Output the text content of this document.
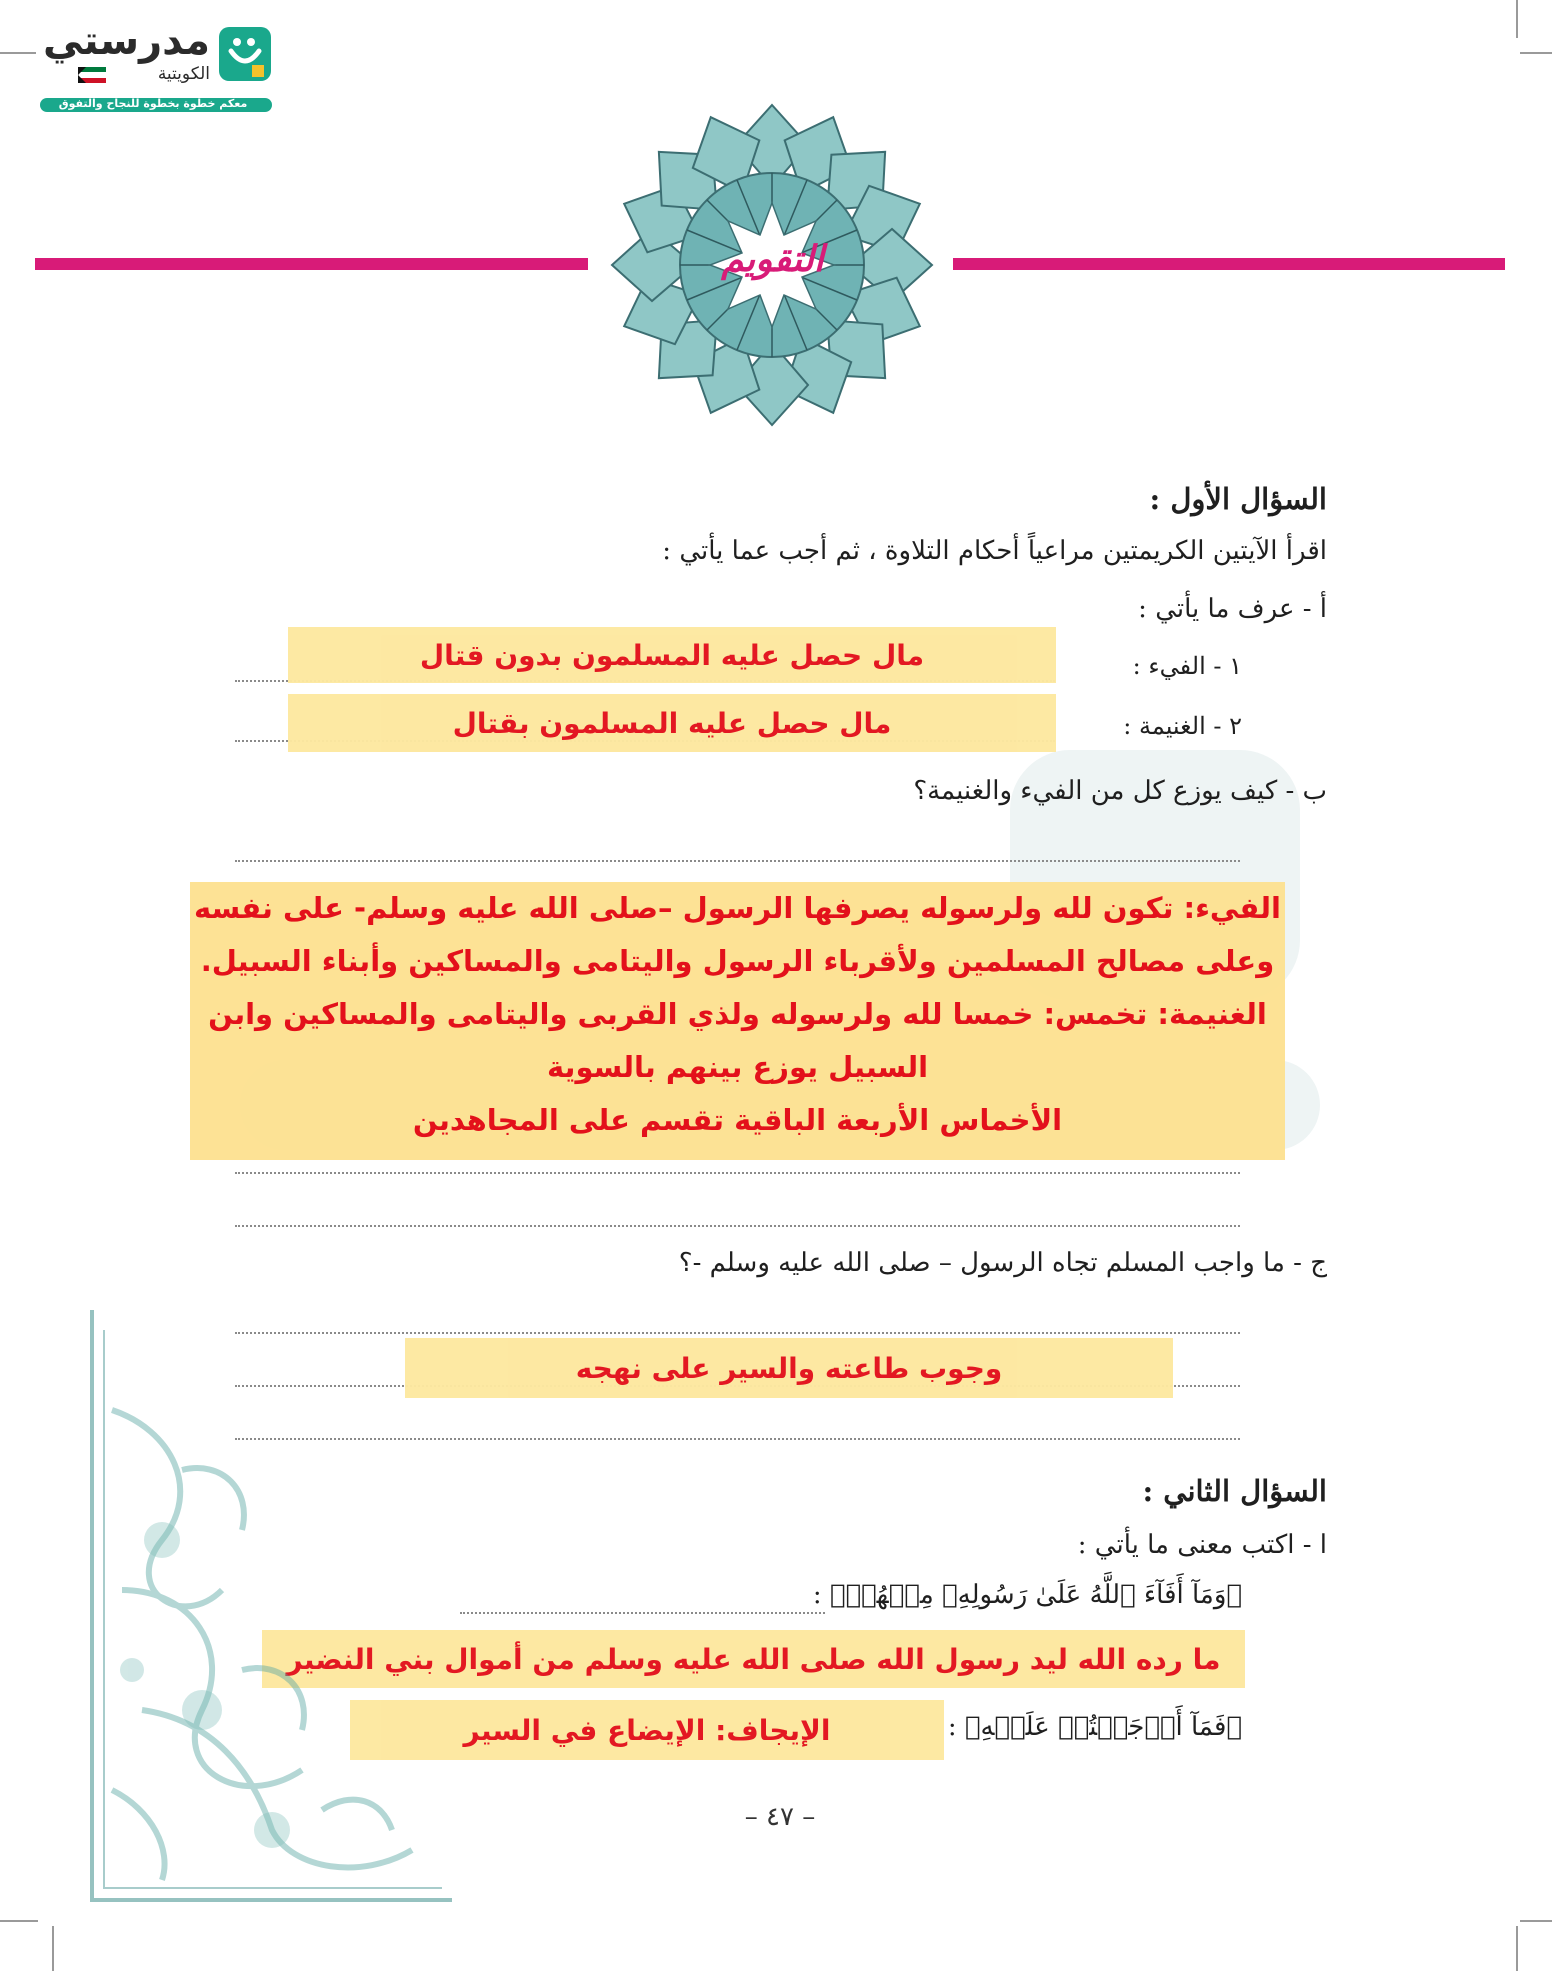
مدرستي
الكويتية
معكم خطوة بخطوة للنجاح والتفوق
التقويم
السؤال الأول :
اقرأ الآيتين الكريمتين مراعياً أحكام التلاوة ، ثم أجب عما يأتي :
أ - عرف ما يأتي :
١ - الفيء :
مال حصل عليه المسلمون بدون قتال
٢ - الغنيمة :
مال حصل عليه المسلمون بقتال
ب - كيف يوزع كل من الفيء والغنيمة؟
الفيء: تكون لله ولرسوله يصرفها الرسول –صلى الله عليه وسلم- على نفسه
وعلى مصالح المسلمين ولأقرباء الرسول واليتامى والمساكين وأبناء السبيل.
الغنيمة: تخمس: خمسا لله ولرسوله ولذي القربى واليتامى والمساكين وابن
السبيل يوزع بينهم بالسوية
الأخماس الأربعة الباقية تقسم على المجاهدين
ج - ما واجب المسلم تجاه الرسول – صلى الله عليه وسلم -؟
وجوب طاعته والسير على نهجه
السؤال الثاني :
ا - اكتب معنى ما يأتي :
﴿وَمَآ أَفَآءَ ٱللَّهُ عَلَىٰ رَسُولِهِۦ مِنۡهُمۡ﴾ :
ما رده الله ليد رسول الله صلى الله عليه وسلم من أموال بني النضير
﴿فَمَآ أَوۡجَفۡتُمۡ عَلَيۡهِ﴾ :
الإيجاف: الإيضاع في السير
– ٤٧ –
